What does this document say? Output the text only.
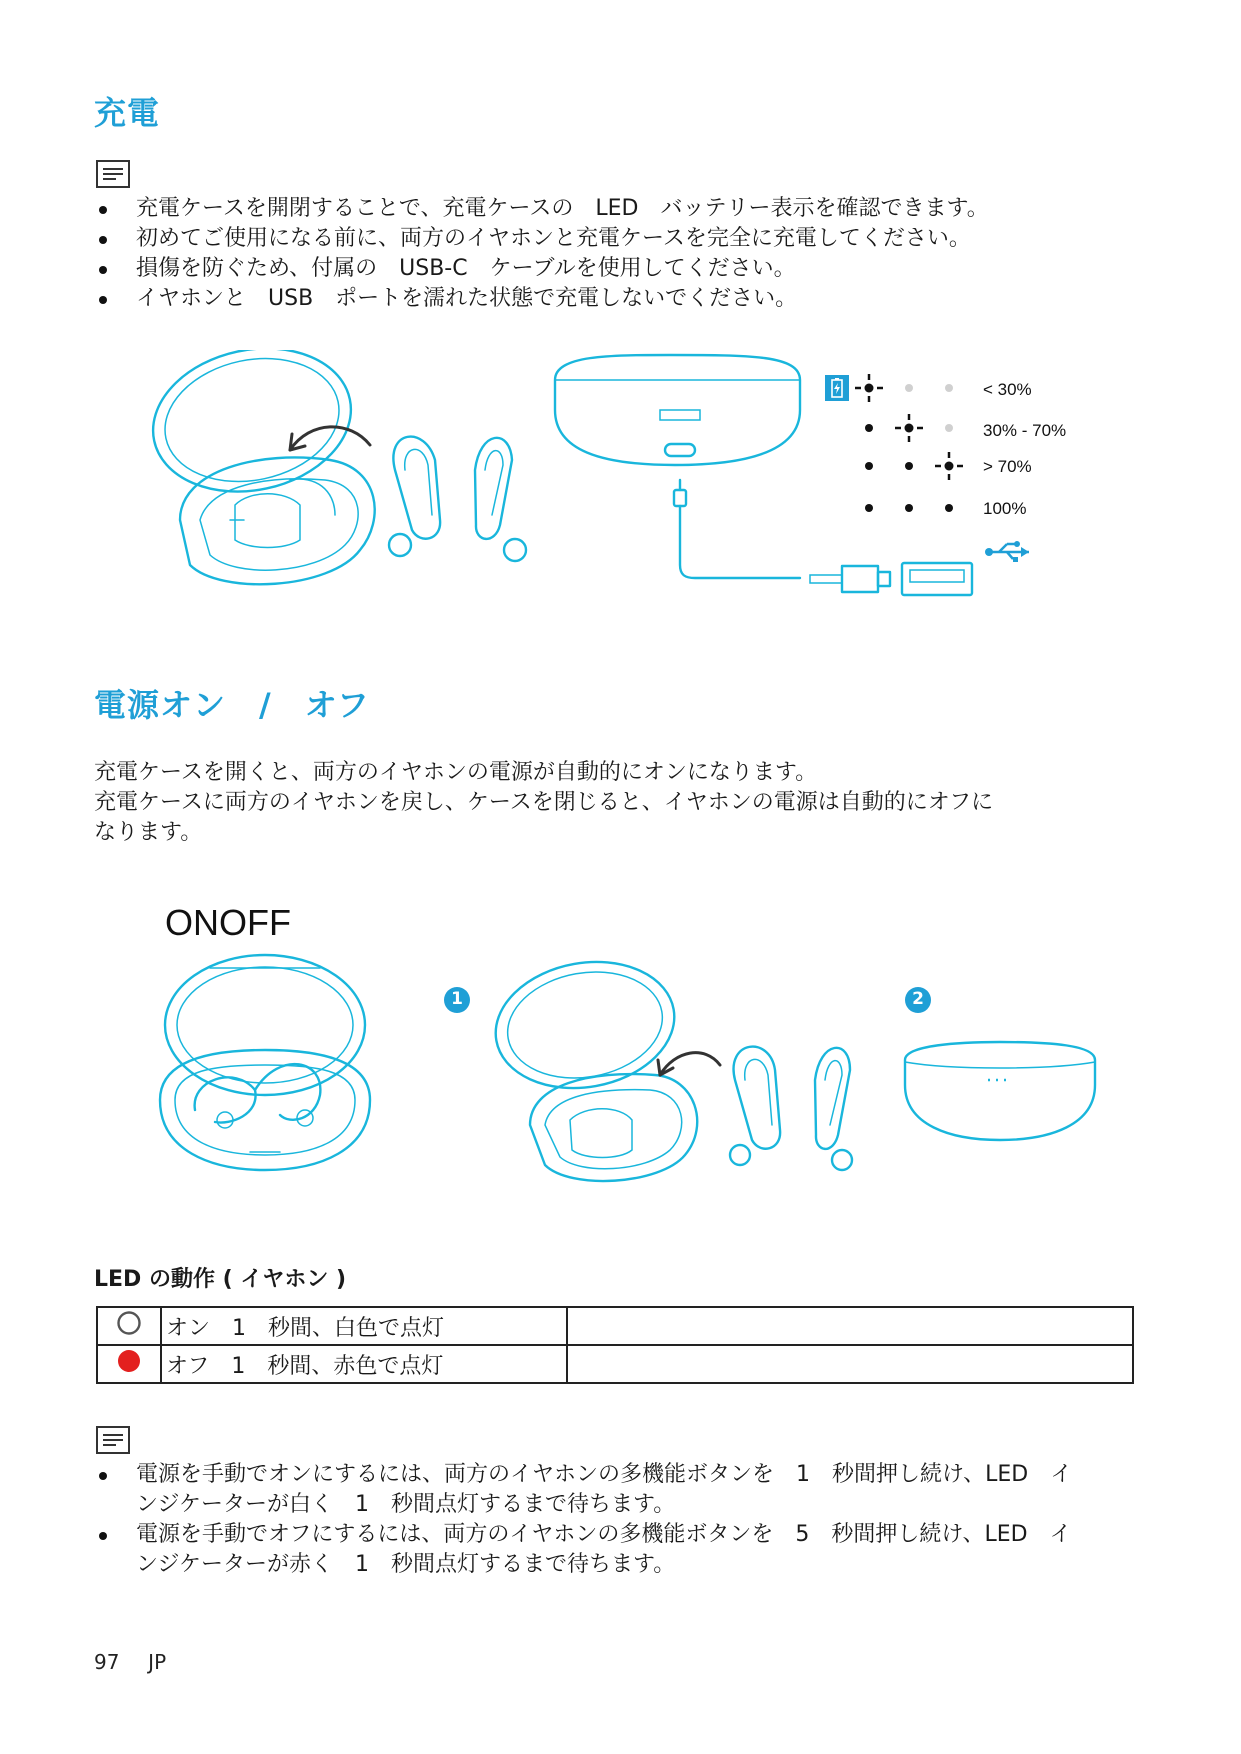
充電
充電ケースを開閉することで、充電ケースの　LED　バッテリー表示を確認できます。
初めてご使用になる前に、両方のイヤホンと充電ケースを完全に充電してください。
損傷を防ぐため、付属の　USB-C　ケーブルを使用してください。
イヤホンと　USB　ポートを濡れた状態で充電しないでください。
< 30%
30% - 70%
> 70%
100%
電源オン　/　オフ
充電ケースを開くと、両方のイヤホンの電源が自動的にオンになります。
充電ケースに両方のイヤホンを戻し、ケースを閉じると、イヤホンの電源は自動的にオフに
なります。
ONOFF
1	2
LED の動作 ( イヤホン )
	オン　1　秒間、白色で点灯	
	オフ　1　秒間、赤色で点灯	
電源を手動でオンにするには、両方のイヤホンの多機能ボタンを　1　秒間押し続け、LED　イ
ンジケーターが白く　1　秒間点灯するまで待ちます。
電源を手動でオフにするには、両方のイヤホンの多機能ボタンを　5　秒間押し続け、LED　イ
ンジケーターが赤く　1　秒間点灯するまで待ちます。
97 JP
